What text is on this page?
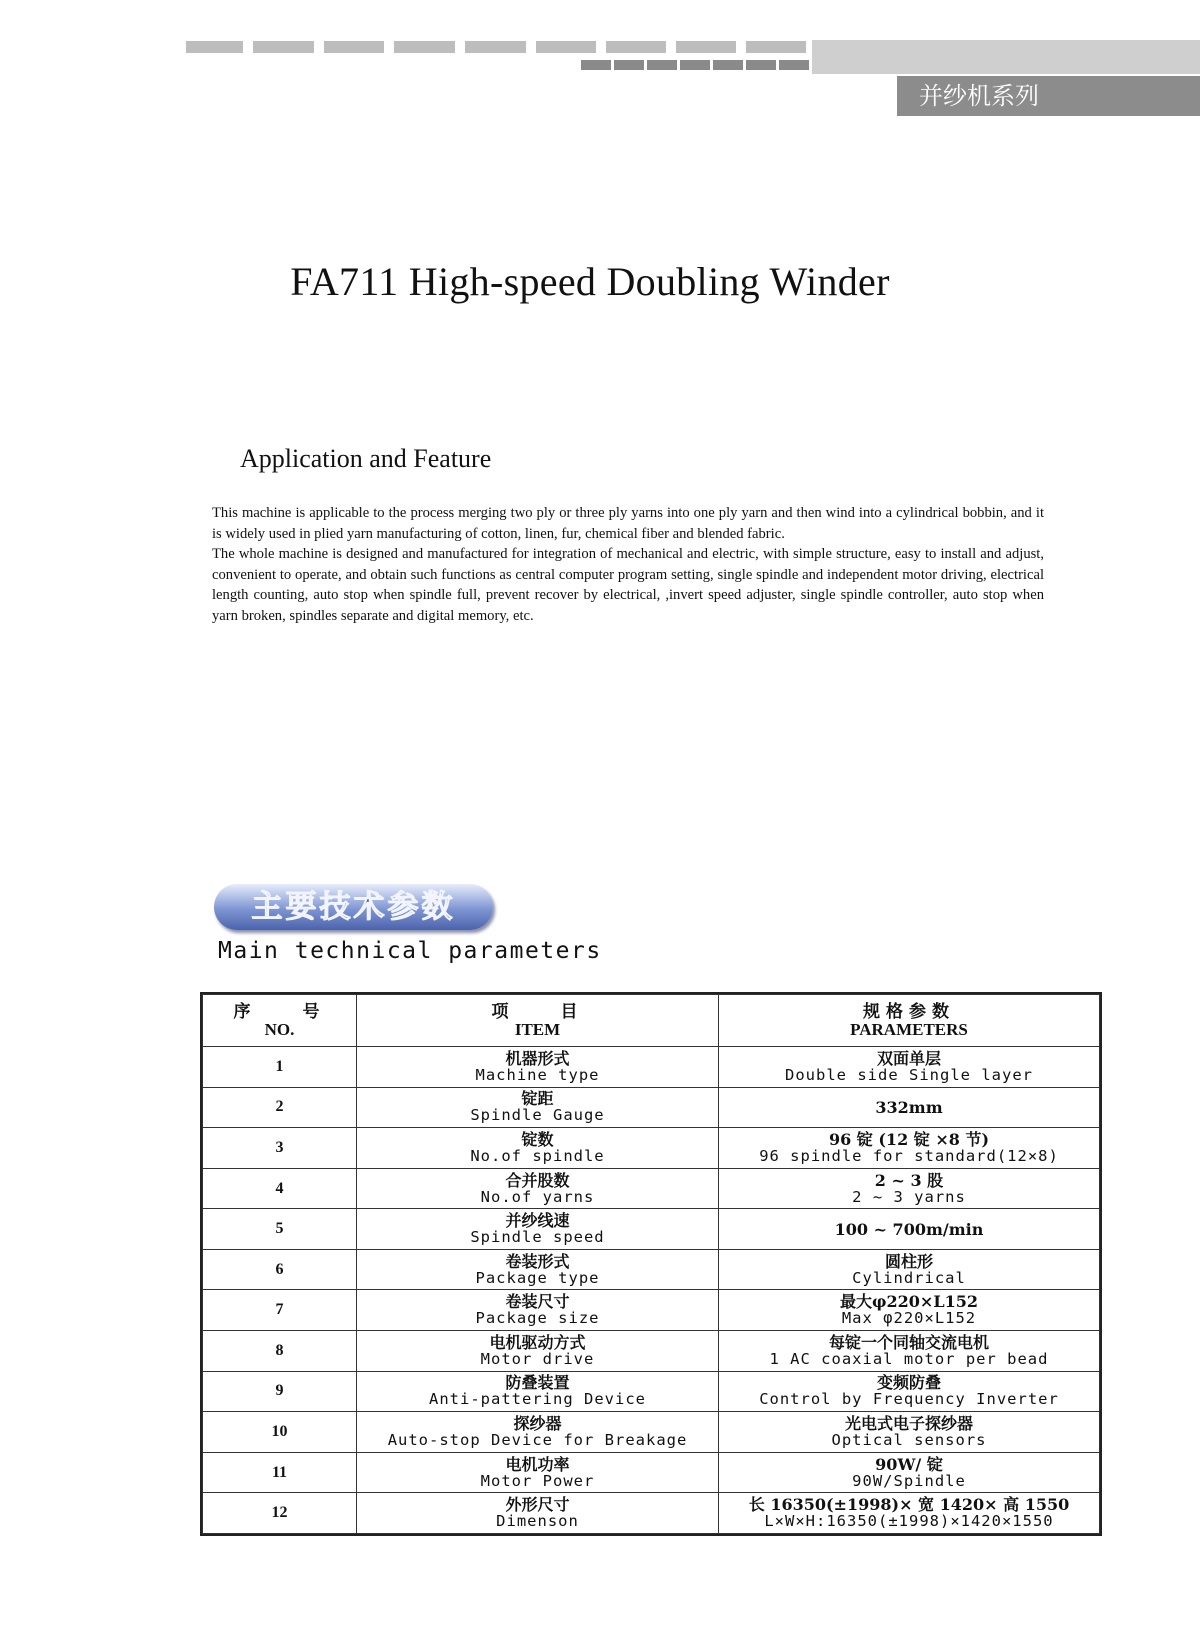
并纱机系列
FA711 High-speed Doubling Winder
Application and Feature
This machine is applicable to the process merging two ply or three ply yarns into one ply yarn and then wind into a cylindrical bobbin, and it is widely used in plied yarn manufacturing of cotton, linen, fur, chemical fiber and blended fabric.
The whole machine is designed and manufactured for integration of mechanical and electric, with simple structure, easy to install and adjust, convenient to operate, and obtain such functions as central computer program setting, single spindle and independent motor driving, electrical length counting, auto stop when spindle full, prevent recover by electrical, ,invert speed adjuster, single spindle controller, auto stop when yarn broken, spindles separate and digital memory, etc.
主要技术参数
Main technical parameters
序　　号
NO.	项　　目
ITEM	规格参数
PARAMETERS

1	机器形式
Machine type	双面单层
Double side Single layer

2	锭距
Spindle Gauge	332mm

3	锭数
No.of spindle	96 锭 (12 锭 ×8 节)
96 spindle for standard(12×8)

4	合并股数
No.of yarns	2 ~ 3 股
2 ~ 3 yarns

5	并纱线速
Spindle speed	100 ~ 700m/min

6	卷装形式
Package type	圆柱形
Cylindrical

7	卷装尺寸
Package size	最大φ220×L152
Max φ220×L152

8	电机驱动方式
Motor drive	每锭一个同轴交流电机
1 AC coaxial motor per bead

9	防叠装置
Anti-pattering Device	变频防叠
Control by Frequency Inverter

10	探纱器
Auto-stop Device for Breakage	光电式电子探纱器
Optical sensors

11	电机功率
Motor Power	90W/ 锭
90W/Spindle

12	外形尺寸
Dimenson	长 16350(±1998)× 宽 1420× 高 1550
L×W×H:16350(±1998)×1420×1550
